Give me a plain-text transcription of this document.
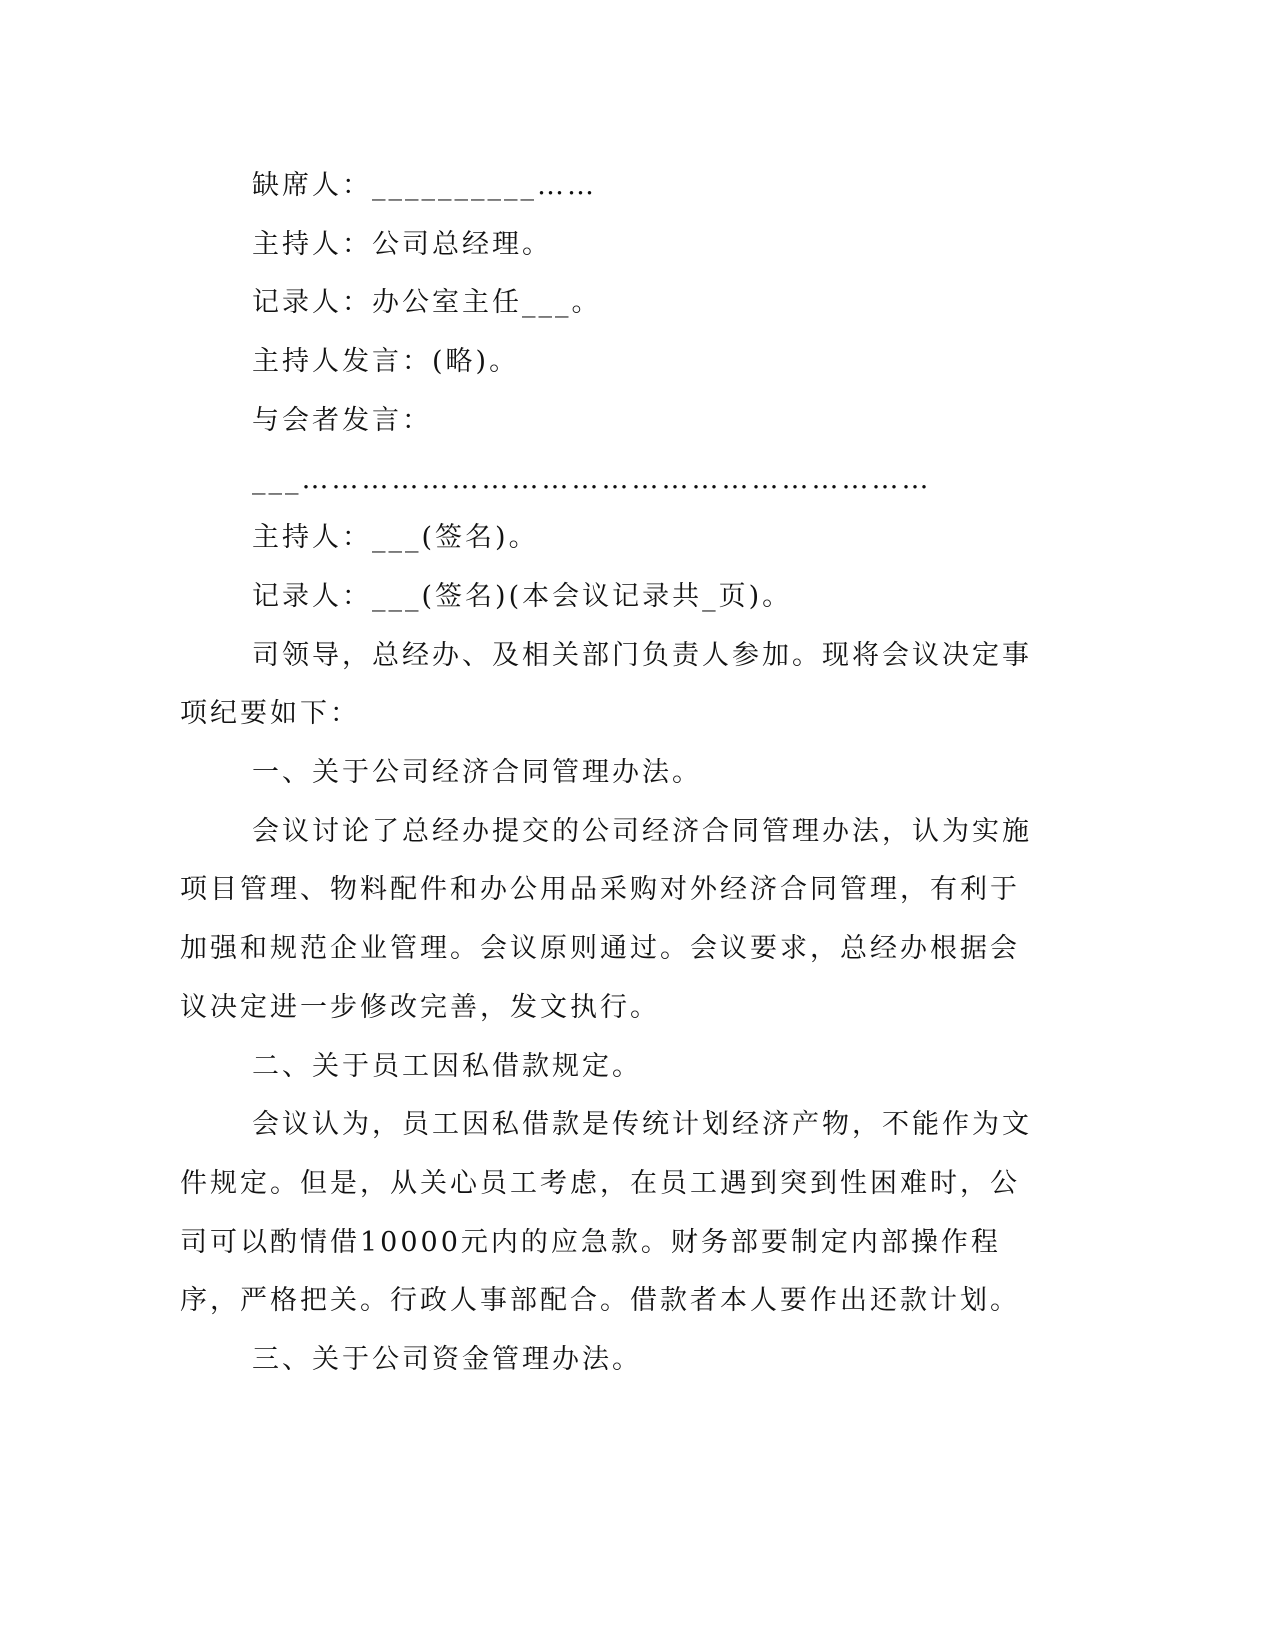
缺席人：__________……

主持人：公司总经理。

记录人：办公室主任___。

主持人发言：(略)。

与会者发言：

___………………………………………………………

主持人：___(签名)。

记录人：___(签名)(本会议记录共_页)。

司领导，总经办、及相关部门负责人参加。现将会议决定事项纪要如下：

一、关于公司经济合同管理办法。

会议讨论了总经办提交的公司经济合同管理办法，认为实施项目管理、物料配件和办公用品采购对外经济合同管理，有利于加强和规范企业管理。会议原则通过。会议要求，总经办根据会议决定进一步修改完善，发文执行。

二、关于员工因私借款规定。

会议认为，员工因私借款是传统计划经济产物，不能作为文件规定。但是，从关心员工考虑，在员工遇到突到性困难时，公司可以酌情借10000元内的应急款。财务部要制定内部操作程序，严格把关。行政人事部配合。借款者本人要作出还款计划。

三、关于公司资金管理办法。
